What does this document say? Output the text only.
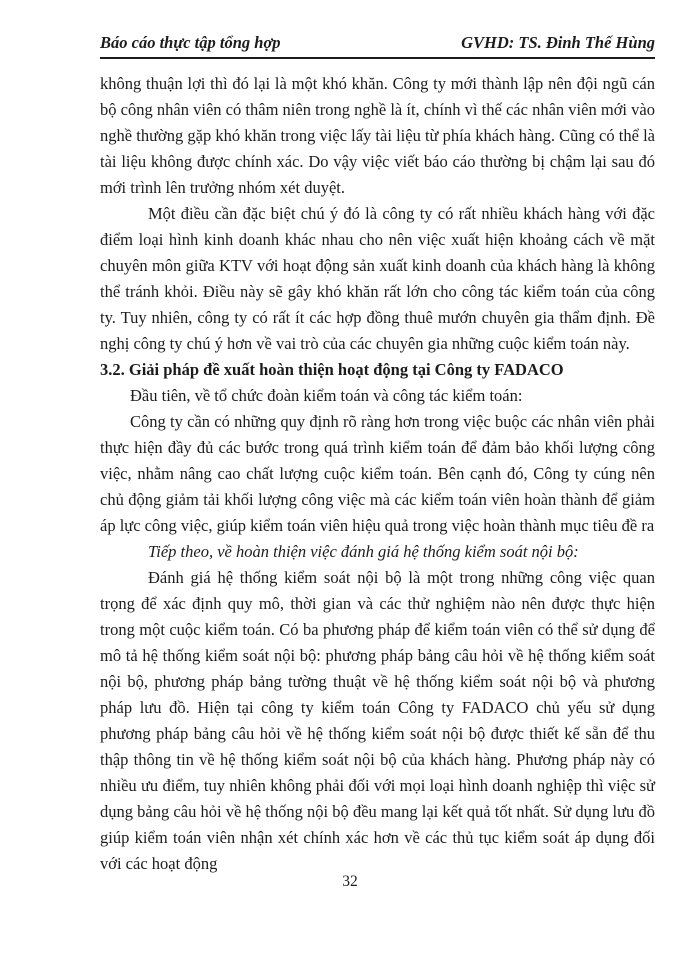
Báo cáo thực tập tổng hợp	GVHD: TS. Đinh Thế Hùng

không thuận lợi thì đó lại là một khó khăn. Công ty mới thành lập nên đội ngũ cán bộ công nhân viên có thâm niên trong nghề là ít, chính vì thế các nhân viên mới vào nghề thường gặp khó khăn trong việc lấy tài liệu từ phía khách hàng. Cũng có thể là tài liệu không được chính xác. Do vậy việc viết báo cáo thường bị chậm lại sau đó mới trình lên trưởng nhóm xét duyệt.

Một điều cần đặc biệt chú ý đó là công ty có rất nhiều khách hàng với đặc điểm loại hình kinh doanh khác nhau cho nên việc xuất hiện khoảng cách về mặt chuyên môn giữa KTV với hoạt động sản xuất kinh doanh của khách hàng là không thể tránh khỏi. Điều này sẽ gây khó khăn rất lớn cho công tác kiểm toán của công ty. Tuy nhiên, công ty có rất ít các hợp đồng thuê mướn chuyên gia thẩm định. Đề nghị công ty chú ý hơn về vai trò của các chuyên gia những cuộc kiểm toán này.

3.2. Giải pháp đề xuất hoàn thiện hoạt động tại Công ty FADACO

Đầu tiên, về tổ chức đoàn kiểm toán và công tác kiểm toán:

Công ty cần có những quy định rõ ràng hơn trong việc buộc các nhân viên phải thực hiện đầy đủ các bước trong quá trình kiểm toán để đảm bảo khối lượng công việc, nhằm nâng cao chất lượng cuộc kiểm toán. Bên cạnh đó, Công ty cúng nên chủ động giảm tải khối lượng công việc mà các kiểm toán viên hoàn thành để giảm áp lực công việc, giúp kiểm toán viên hiệu quả trong việc hoàn thành mục tiêu đề ra

Tiếp theo, về hoàn thiện việc đánh giá hệ thống kiểm soát nội bộ:

Đánh giá hệ thống kiểm soát nội bộ là một trong những công việc quan trọng để xác định quy mô, thời gian và các thử nghiệm nào nên được thực hiện trong một cuộc kiểm toán. Có ba phương pháp để kiểm toán viên có thể sử dụng để mô tả hệ thống kiểm soát nội bộ: phương pháp bảng câu hỏi về hệ thống kiểm soát nội bộ, phương pháp bảng tường thuật về hệ thống kiểm soát nội bộ và phương pháp lưu đồ. Hiện tại công ty kiểm toán Công ty FADACO chủ yếu sử dụng phương pháp bảng câu hỏi về hệ thống kiểm soát nội bộ được thiết kế sẵn để thu thập thông tin về hệ thống kiểm soát nội bộ của khách hàng. Phương pháp này có nhiều ưu điểm, tuy nhiên không phải đối với mọi loại hình doanh nghiệp thì việc sử dụng bảng câu hỏi về hệ thống nội bộ đều mang lại kết quả tốt nhất. Sử dụng lưu đồ giúp kiểm toán viên nhận xét chính xác hơn về các thủ tục kiểm soát áp dụng đối với các hoạt động

32
